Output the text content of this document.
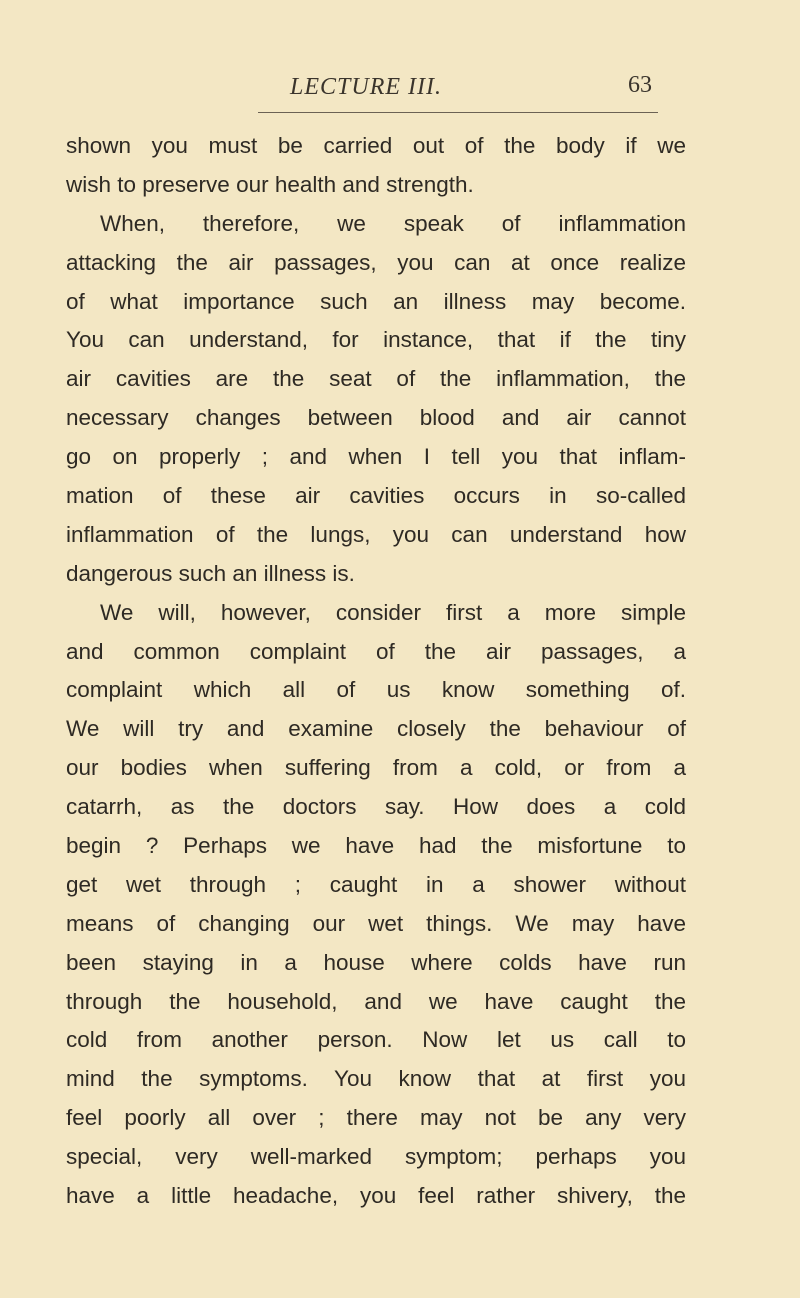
LECTURE III.	63
shown you must be carried out of the body if we
wish to preserve our health and strength.
When, therefore, we speak of inflammation
attacking the air passages, you can at once realize
of what importance such an illness may become.
You can understand, for instance, that if the tiny
air cavities are the seat of the inflammation, the
necessary changes between blood and air cannot
go on properly ; and when I tell you that inflam-
mation of these air cavities occurs in so-called
inflammation of the lungs, you can understand how
dangerous such an illness is.
We will, however, consider first a more simple
and common complaint of the air passages, a
complaint which all of us know something of.
We will try and examine closely the behaviour of
our bodies when suffering from a cold, or from a
catarrh, as the doctors say. How does a cold
begin ? Perhaps we have had the misfortune to
get wet through ; caught in a shower without
means of changing our wet things. We may have
been staying in a house where colds have run
through the household, and we have caught the
cold from another person. Now let us call to
mind the symptoms. You know that at first you
feel poorly all over ; there may not be any very
special, very well-marked symptom; perhaps you
have a little headache, you feel rather shivery, the
